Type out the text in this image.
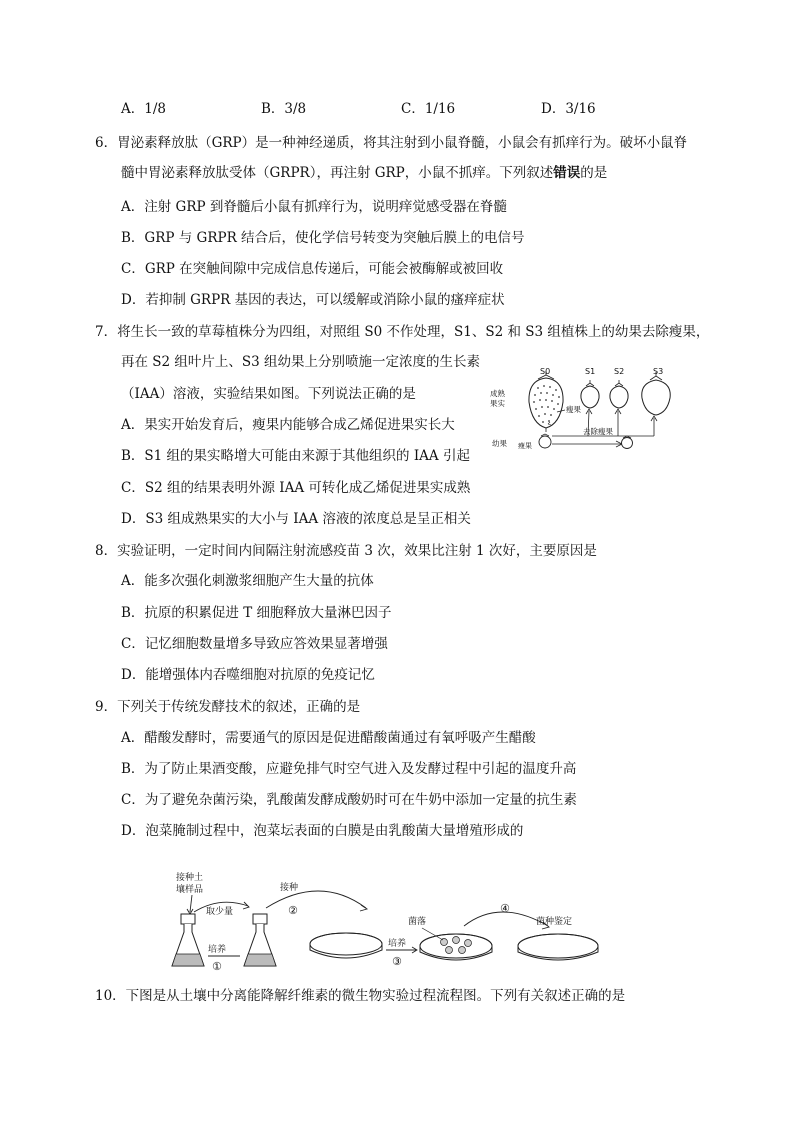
A．1/8	B．3/8	C．1/16	D．3/16
6．胃泌素释放肽（GRP）是一种神经递质，将其注射到小鼠脊髓，小鼠会有抓痒行为。破坏小鼠脊
髓中胃泌素释放肽受体（GRPR），再注射 GRP，小鼠不抓痒。下列叙述错误的是
A．注射 GRP 到脊髓后小鼠有抓痒行为，说明痒觉感受器在脊髓
B．GRP 与 GRPR 结合后，使化学信号转变为突触后膜上的电信号
C．GRP 在突触间隙中完成信息传递后，可能会被酶解或被回收
D．若抑制 GRPR 基因的表达，可以缓解或消除小鼠的瘙痒症状
7．将生长一致的草莓植株分为四组，对照组 S0 不作处理，S1、S2 和 S3 组植株上的幼果去除瘦果，
再在 S2 组叶片上、S3 组幼果上分别喷施一定浓度的生长素
（IAA）溶液，实验结果如图。下列说法正确的是
A．果实开始发育后，瘦果内能够合成乙烯促进果实长大
B．S1 组的果实略增大可能由来源于其他组织的 IAA 引起
C．S2 组的结果表明外源 IAA 可转化成乙烯促进果实成熟
D．S3 组成熟果实的大小与 IAA 溶液的浓度总是呈正相关
S0	S1 S2	S3
成熟
果实
瘦果
幼果 瘦果
去除瘦果
8．实验证明，一定时间内间隔注射流感疫苗 3 次，效果比注射 1 次好，主要原因是
A．能多次强化刺激浆细胞产生大量的抗体
B．抗原的积累促进 T 细胞释放大量淋巴因子
C．记忆细胞数量增多导致应答效果显著增强
D．能增强体内吞噬细胞对抗原的免疫记忆
9．下列关于传统发酵技术的叙述，正确的是
A．醋酸发酵时，需要通气的原因是促进醋酸菌通过有氧呼吸产生醋酸
B．为了防止果酒变酸，应避免排气时空气进入及发酵过程中引起的温度升高
C．为了避免杂菌污染，乳酸菌发酵成酸奶时可在牛奶中添加一定量的抗生素
D．泡菜腌制过程中，泡菜坛表面的白膜是由乳酸菌大量增殖形成的
接种土
壤样品
培养
①
取少量
接种
②
培养
③
菌落
④
菌种鉴定
10．下图是从土壤中分离能降解纤维素的微生物实验过程流程图。下列有关叙述正确的是
